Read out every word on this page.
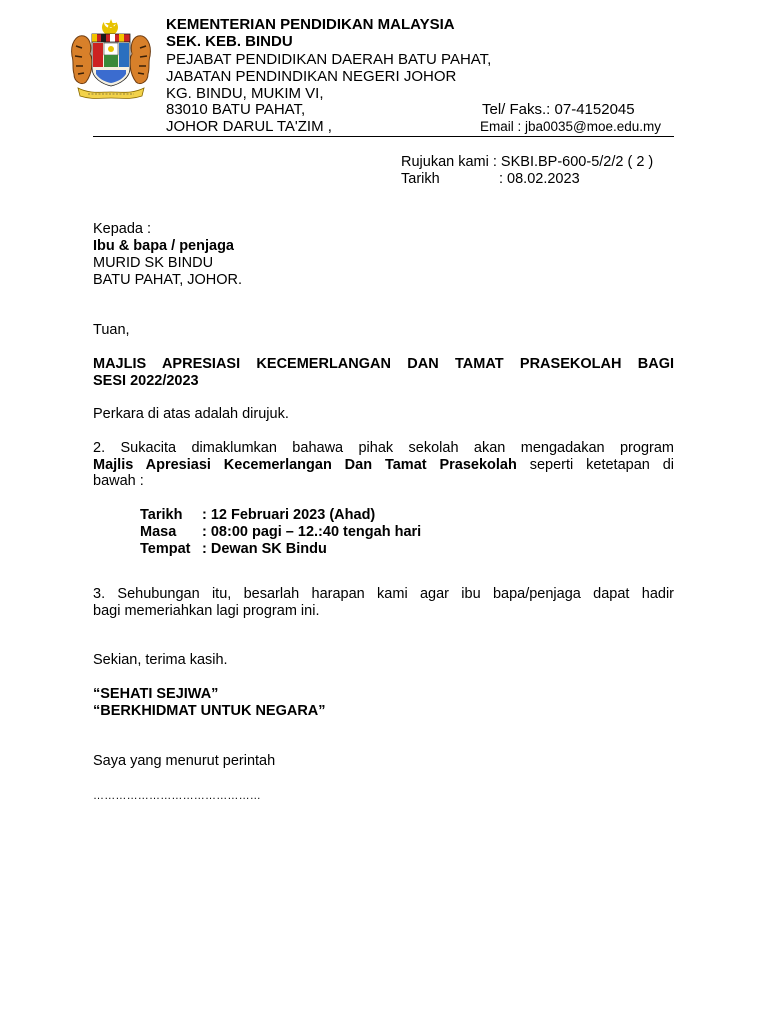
KEMENTERIAN PENDIDIKAN MALAYSIA
SEK. KEB. BINDU
PEJABAT PENDIDIKAN DAERAH BATU PAHAT,
JABATAN PENDINDIKAN NEGERI JOHOR
KG. BINDU, MUKIM VI,
83010 BATU PAHAT,
JOHOR DARUL TA'ZIM ,
Tel/ Faks.: 07-4152045
Email : jba0035@moe.edu.my
Rujukan kami : SKBI.BP-600-5/2/2 ( 2 )
Tarikh	: 08.02.2023
Kepada :
Ibu & bapa / penjaga
MURID SK BINDU
BATU PAHAT, JOHOR.
Tuan,
MAJLIS APRESIASI KECEMERLANGAN DAN TAMAT PRASEKOLAH BAGI
SESI 2022/2023
Perkara di atas adalah dirujuk.
2. Sukacita dimaklumkan bahawa pihak sekolah akan mengadakan program
Majlis Apresiasi Kecemerlangan Dan Tamat Prasekolah seperti ketetapan di
bawah :
Tarikh : 12 Februari 2023 (Ahad)
Masa : 08:00 pagi – 12.:40 tengah hari
Tempat : Dewan SK Bindu
3. Sehubungan itu, besarlah harapan kami agar ibu bapa/penjaga dapat hadir
bagi memeriahkan lagi program ini.
Sekian, terima kasih.
“SEHATI SEJIWA”
“BERKHIDMAT UNTUK NEGARA”
Saya yang menurut perintah
………………………………………
